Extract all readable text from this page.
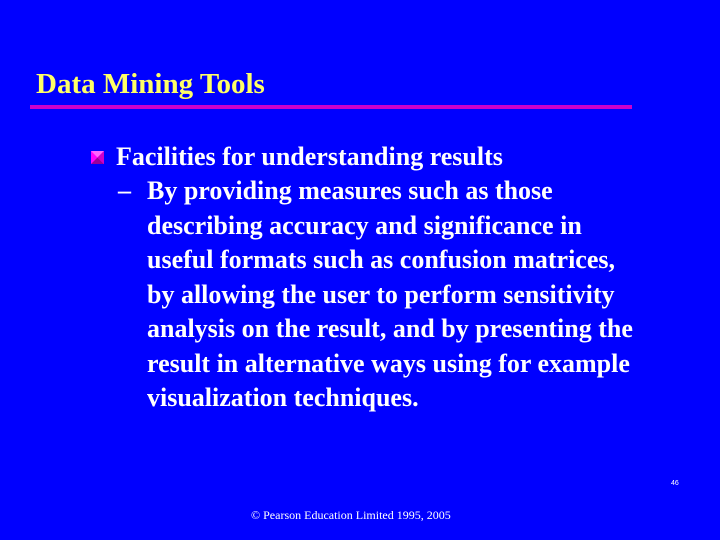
Data Mining Tools
Facilities for understanding results
– By providing measures such as those
describing accuracy and significance in
useful formats such as confusion matrices,
by allowing the user to perform sensitivity
analysis on the result, and by presenting the
result in alternative ways using for example
visualization techniques.
© Pearson Education Limited 1995, 2005
46
